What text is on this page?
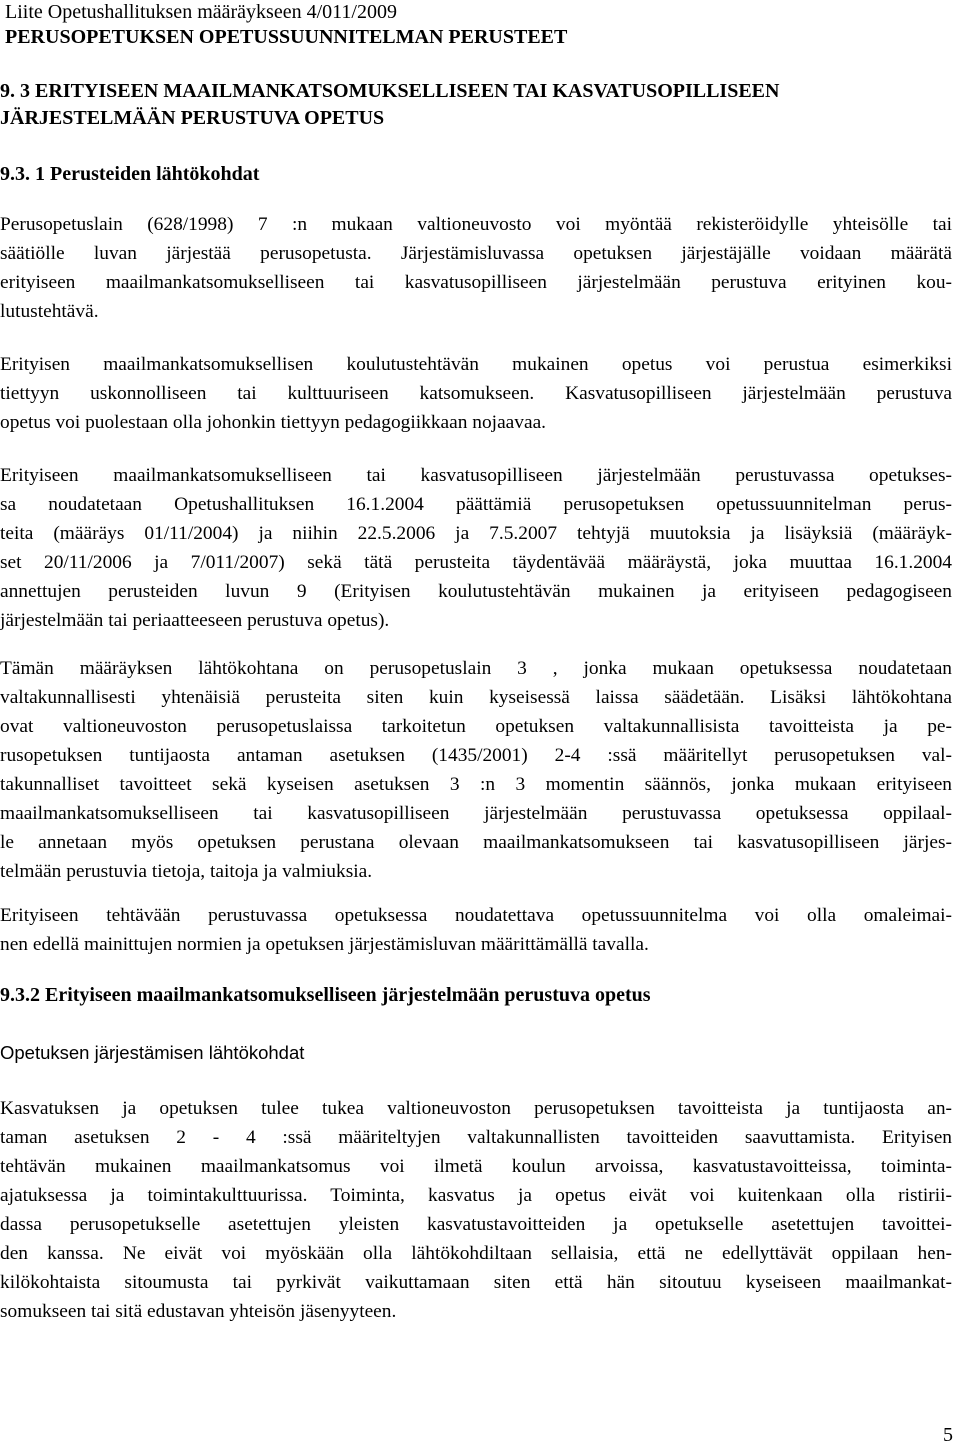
Liite Opetushallituksen määräykseen 4/011/2009
PERUSOPETUKSEN OPETUSSUUNNITELMAN PERUSTEET
9. 3 ERITYISEEN MAAILMANKATSOMUKSELLISEEN TAI KASVATUSOPILLISEEN JÄRJESTELMÄÄN PERUSTUVA OPETUS
9.3. 1 Perusteiden lähtökohdat
Perusopetuslain (628/1998) 7 :n mukaan valtioneuvosto voi myöntää rekisteröidylle yhteisölle tai
säätiölle luvan järjestää perusopetusta. Järjestämisluvassa opetuksen järjestäjälle voidaan määrätä
erityiseen maailmankatsomukselliseen tai kasvatusopilliseen järjestelmään perustuva erityinen kou-
lutustehtävä.
Erityisen maailmankatsomuksellisen koulutustehtävän mukainen opetus voi perustua esimerkiksi
tiettyyn uskonnolliseen tai kulttuuriseen katsomukseen. Kasvatusopilliseen järjestelmään perustuva
opetus voi puolestaan olla johonkin tiettyyn pedagogiikkaan nojaavaa.
Erityiseen maailmankatsomukselliseen tai kasvatusopilliseen järjestelmään perustuvassa opetukses-
sa noudatetaan Opetushallituksen 16.1.2004 päättämiä perusopetuksen opetussuunnitelman perus-
teita (määräys 01/11/2004) ja niihin 22.5.2006 ja 7.5.2007 tehtyjä muutoksia ja lisäyksiä (määräyk-
set 20/11/2006 ja 7/011/2007) sekä tätä perusteita täydentävää määräystä, joka muuttaa 16.1.2004
annettujen perusteiden luvun 9 (Erityisen koulutustehtävän mukainen ja erityiseen pedagogiseen
järjestelmään tai periaatteeseen perustuva opetus).
Tämän määräyksen lähtökohtana on perusopetuslain 3 , jonka mukaan opetuksessa noudatetaan
valtakunnallisesti yhtenäisiä perusteita siten kuin kyseisessä laissa säädetään. Lisäksi lähtökohtana
ovat valtioneuvoston perusopetuslaissa tarkoitetun opetuksen valtakunnallisista tavoitteista ja pe-
rusopetuksen tuntijaosta antaman asetuksen (1435/2001) 2-4 :ssä määritellyt perusopetuksen val-
takunnalliset tavoitteet sekä kyseisen asetuksen 3 :n 3 momentin säännös, jonka mukaan erityiseen
maailmankatsomukselliseen tai kasvatusopilliseen järjestelmään perustuvassa opetuksessa oppilaal-
le annetaan myös opetuksen perustana olevaan maailmankatsomukseen tai kasvatusopilliseen järjes-
telmään perustuvia tietoja, taitoja ja valmiuksia.
Erityiseen tehtävään perustuvassa opetuksessa noudatettava opetussuunnitelma voi olla omaleimai-
nen edellä mainittujen normien ja opetuksen järjestämisluvan määrittämällä tavalla.
9.3.2 Erityiseen maailmankatsomukselliseen järjestelmään perustuva opetus
Opetuksen järjestämisen lähtökohdat
Kasvatuksen ja opetuksen tulee tukea valtioneuvoston perusopetuksen tavoitteista ja tuntijaosta an-
taman asetuksen 2 - 4 :ssä määriteltyjen valtakunnallisten tavoitteiden saavuttamista. Erityisen
tehtävän mukainen maailmankatsomus voi ilmetä koulun arvoissa, kasvatustavoitteissa, toiminta-
ajatuksessa ja toimintakulttuurissa. Toiminta, kasvatus ja opetus eivät voi kuitenkaan olla ristirii-
dassa perusopetukselle asetettujen yleisten kasvatustavoitteiden ja opetukselle asetettujen tavoittei-
den kanssa. Ne eivät voi myöskään olla lähtökohdiltaan sellaisia, että ne edellyttävät oppilaan hen-
kilökohtaista sitoumusta tai pyrkivät vaikuttamaan siten että hän sitoutuu kyseiseen maailmankat-
somukseen tai sitä edustavan yhteisön jäsenyyteen.
5
